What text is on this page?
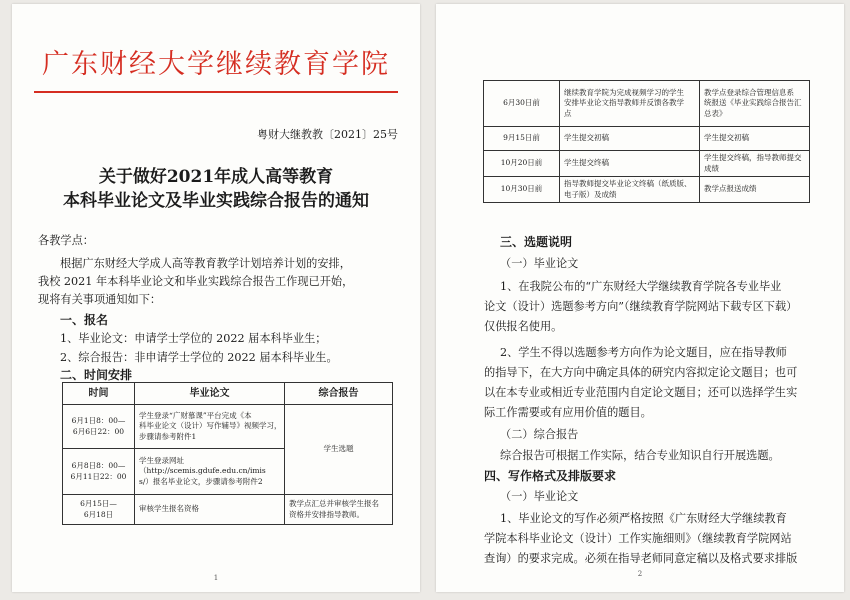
广东财经大学继续教育学院
粤财大继教教〔2021〕25号
关于做好2021年成人高等教育
本科毕业论文及毕业实践综合报告的通知
各教学点：
根据广东财经大学成人高等教育教学计划培养计划的安排，
我校 2021 年本科毕业论文和毕业实践综合报告工作现已开始，
现将有关事项通知如下：
一、报名
1、毕业论文：申请学士学位的 2022 届本科毕业生；
2、综合报告：非申请学士学位的 2022 届本科毕业生。
二、时间安排
时间	毕业论文	综合报告

6月1日8：00—
6月6日22：00	学生登录“广财慕课”平台完成《本
科毕业论文（设计）写作辅导》视频学习，
步骤请参考附件1	学生选题

6月8日8：00—
6月11日22：00	学生登录网址
（http://scemis.gdufe.edu.cn/imis
s/）报名毕业论文，步骤请参考附件2	

6月15日—
6月18日	审核学生报名资格	教学点汇总并审核学生报名
资格并安排指导教师。
1
6月30日前	继续教育学院为完成视频学习的学生
安排毕业论文指导教师并反馈各教学
点	教学点登录综合管理信息系
统报送《毕业实践综合报告汇
总表》

9月15日前	学生提交初稿	学生提交初稿

10月20日前	学生提交终稿	学生提交终稿，指导教师提交
成绩

10月30日前	指导教师提交毕业论文终稿（纸质版、
电子版）及成绩	教学点报送成绩
三、选题说明
（一）毕业论文
1、在我院公布的“广东财经大学继续教育学院各专业毕业
论文（设计）选题参考方向”（继续教育学院网站下载专区下载）
仅供报名使用。
2、学生不得以选题参考方向作为论文题目，应在指导教师
的指导下，在大方向中确定具体的研究内容拟定论文题目；也可
以在本专业或相近专业范围内自定论文题目；还可以选择学生实
际工作需要或有应用价值的题目。
（二）综合报告
综合报告可根据工作实际，结合专业知识自行开展选题。
四、写作格式及排版要求
（一）毕业论文
1、毕业论文的写作必须严格按照《广东财经大学继续教育
学院本科毕业论文（设计）工作实施细则》（继续教育学院网站
查询）的要求完成。必须在指导老师同意定稿以及格式要求排版
2
